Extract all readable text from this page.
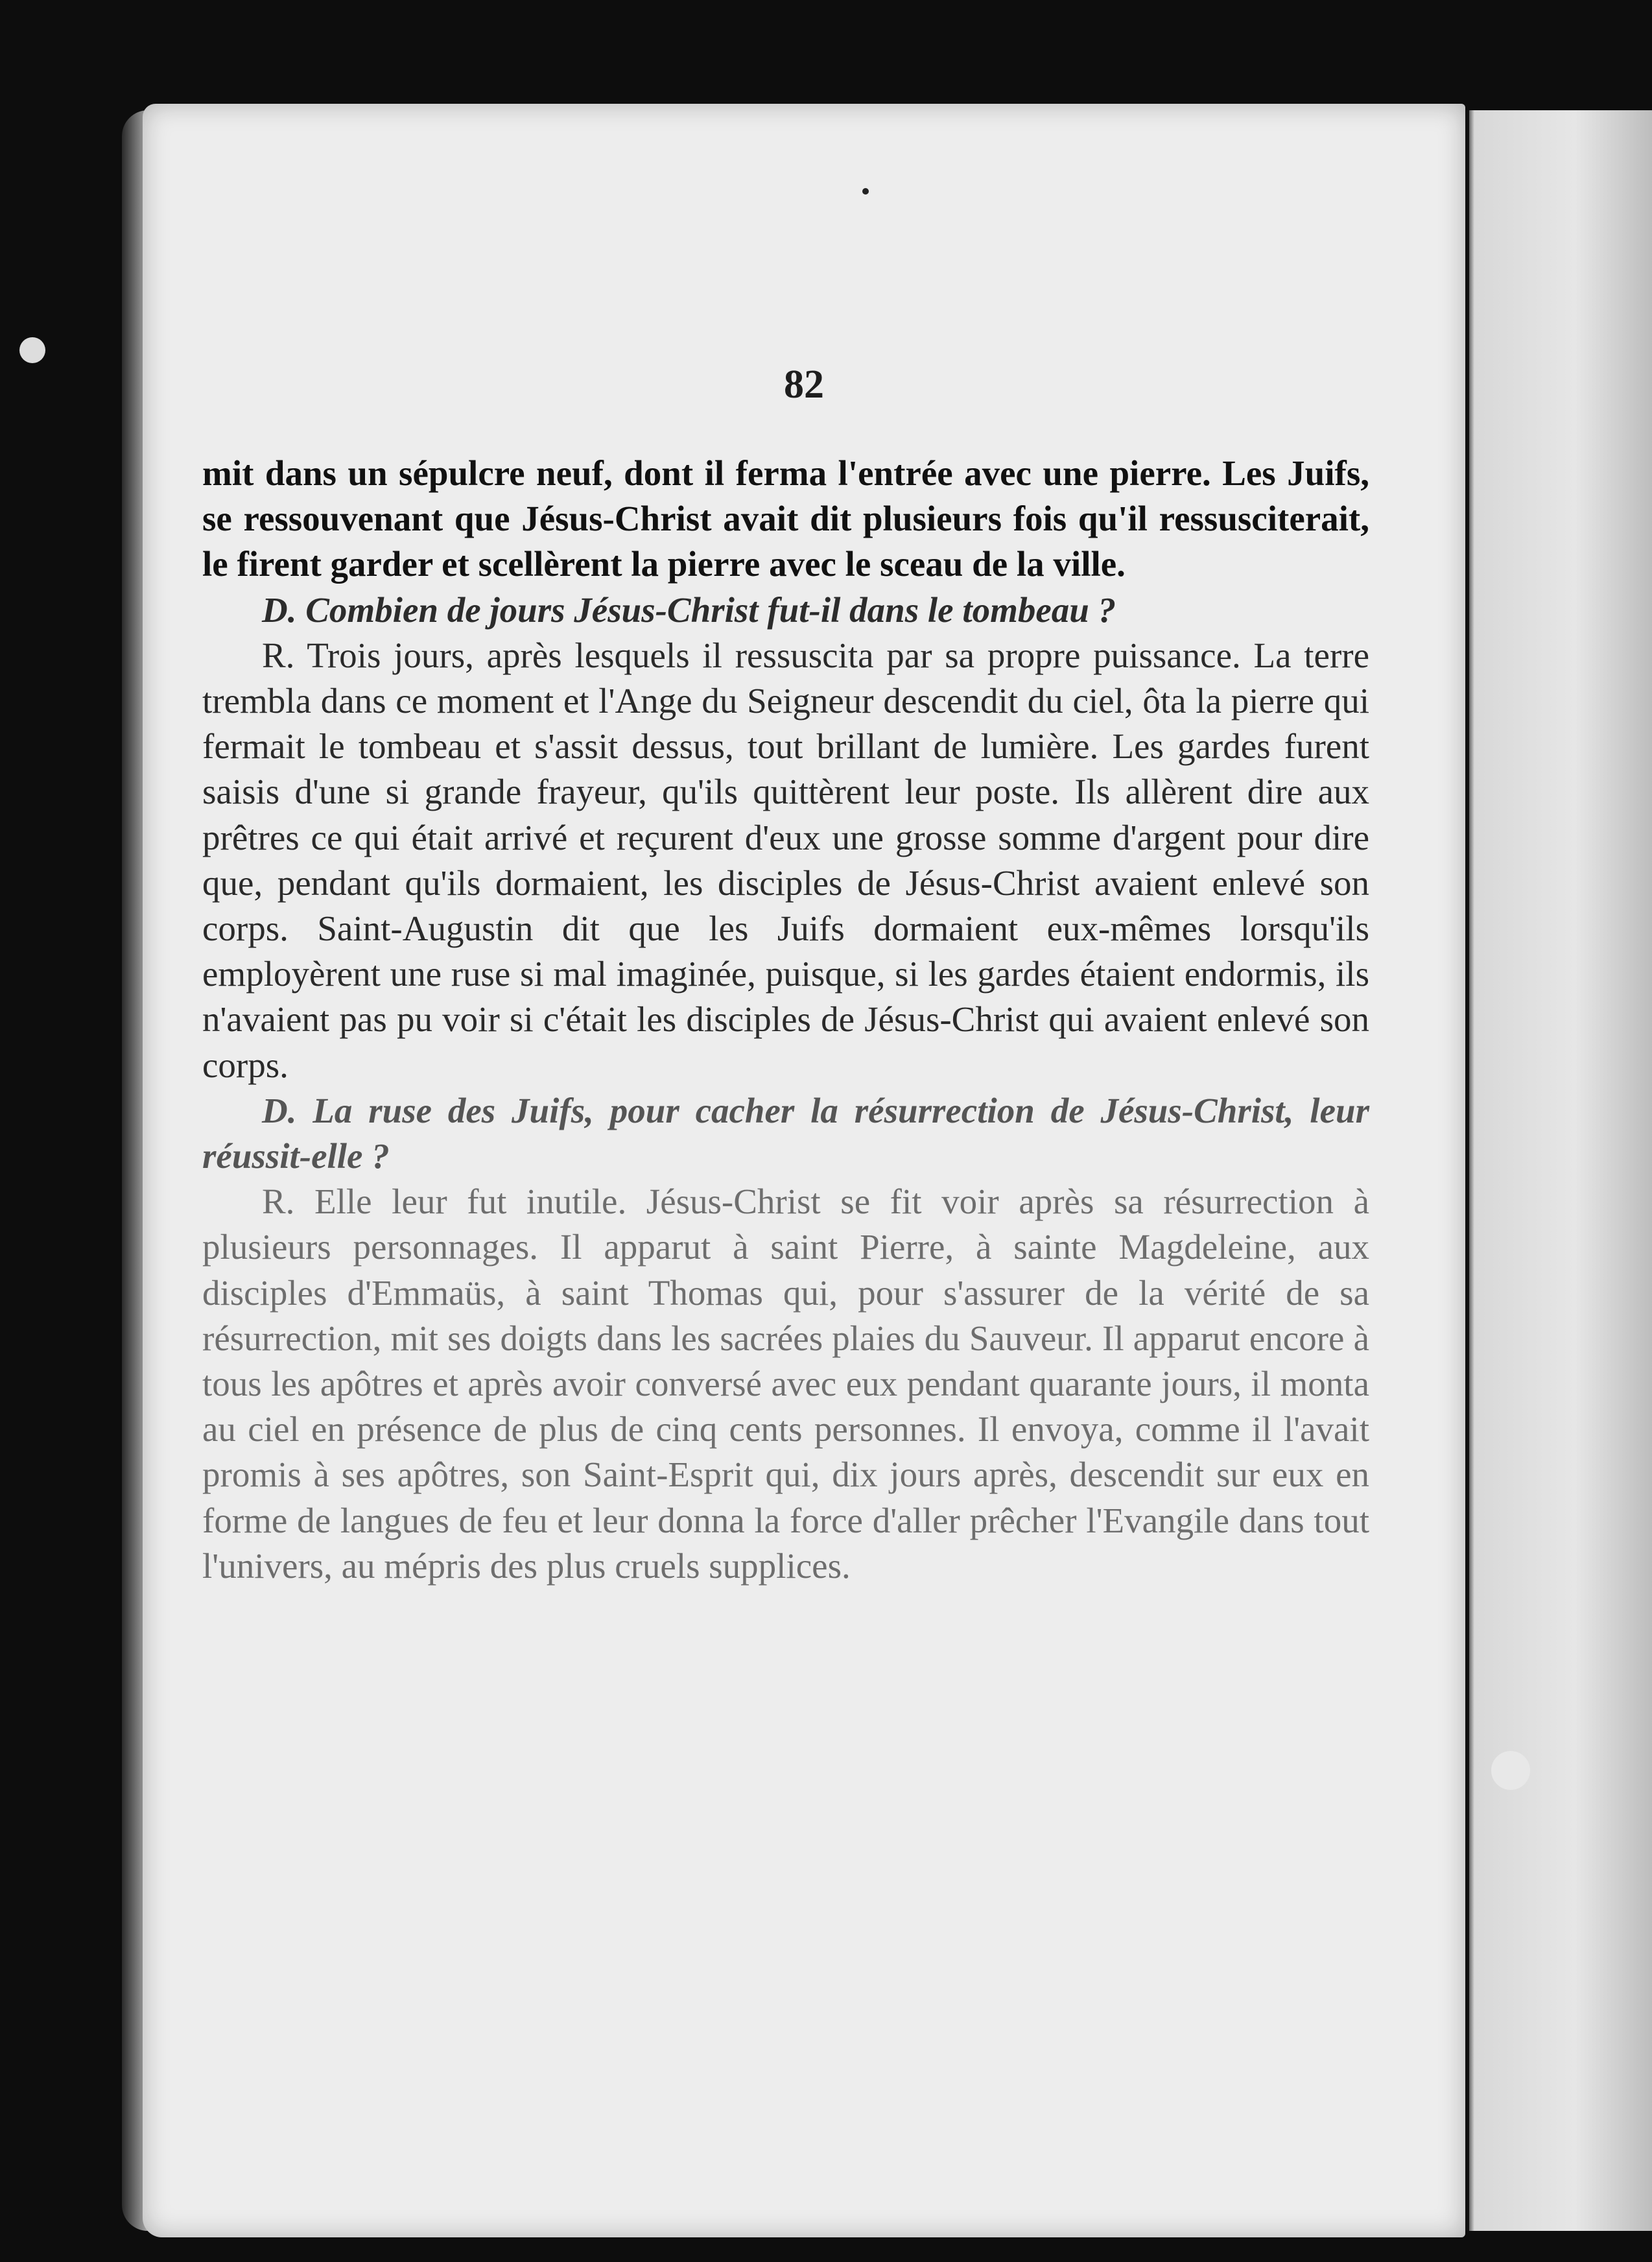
82

mit dans un sépulcre neuf, dont il ferma l'entrée avec une pierre. Les Juifs, se ressouvenant que Jésus-Christ avait dit plusieurs fois qu'il ressusciterait, le firent garder et scellèrent la pierre avec le sceau de la ville.

D. Combien de jours Jésus-Christ fut-il dans le tombeau ?

R. Trois jours, après lesquels il ressuscita par sa propre puissance. La terre trembla dans ce moment et l'Ange du Seigneur descendit du ciel, ôta la pierre qui fermait le tombeau et s'assit dessus, tout brillant de lumière. Les gardes furent saisis d'une si grande frayeur, qu'ils quittèrent leur poste. Ils allèrent dire aux prêtres ce qui était arrivé et reçurent d'eux une grosse somme d'argent pour dire que, pendant qu'ils dormaient, les disciples de Jésus-Christ avaient enlevé son corps. Saint-Augustin dit que les Juifs dormaient eux-mêmes lorsqu'ils employèrent une ruse si mal imaginée, puisque, si les gardes étaient endormis, ils n'avaient pas pu voir si c'était les disciples de Jésus-Christ qui avaient enlevé son corps.

D. La ruse des Juifs, pour cacher la résurrection de Jésus-Christ, leur réussit-elle ?

R. Elle leur fut inutile. Jésus-Christ se fit voir après sa résurrection à plusieurs personnages. Il apparut à saint Pierre, à sainte Magdeleine, aux disciples d'Emmaüs, à saint Thomas qui, pour s'assurer de la vérité de sa résurrection, mit ses doigts dans les sacrées plaies du Sauveur. Il apparut encore à tous les apôtres et après avoir conversé avec eux pendant quarante jours, il monta au ciel en présence de plus de cinq cents personnes. Il envoya, comme il l'avait promis à ses apôtres, son Saint-Esprit qui, dix jours après, descendit sur eux en forme de langues de feu et leur donna la force d'aller prêcher l'Evangile dans tout l'univers, au mépris des plus cruels supplices.
